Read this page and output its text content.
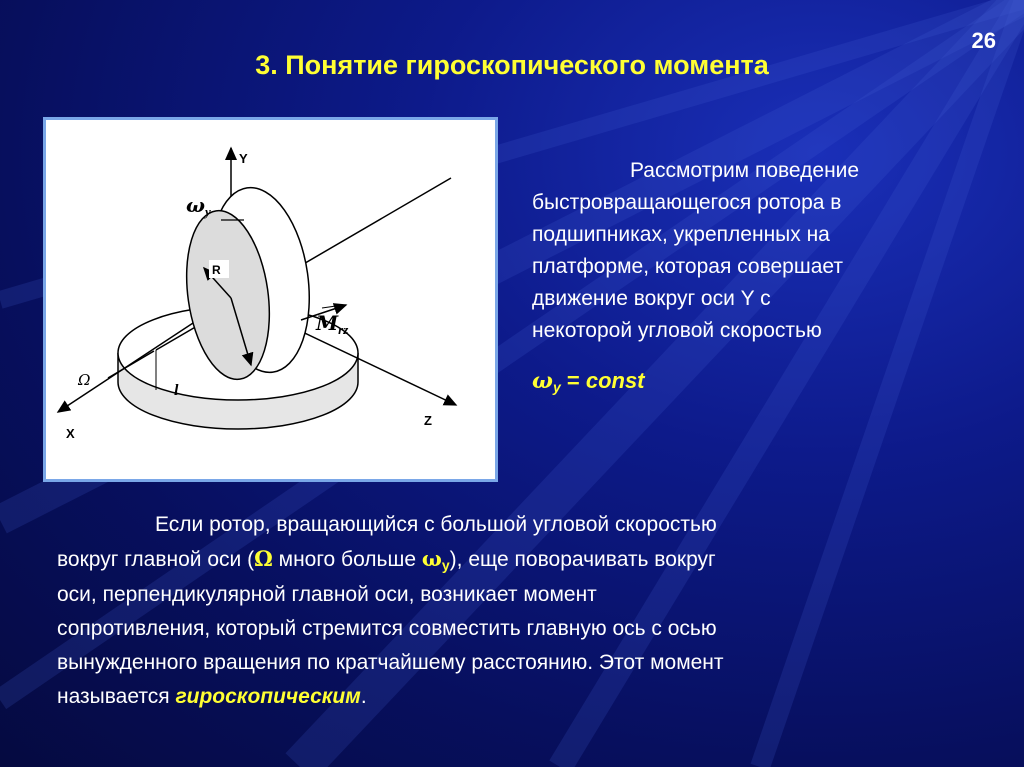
26
3. Понятие гироскопического момента
Y
X
Z
R
l
Ω
$\omega_y$
$M_{rz}$
Рассмотрим поведение
быстровращающегося ротора в
подшипниках, укрепленных на
платформе, которая совершает
движение вокруг оси Y с
некоторой угловой скоростью
ωy = const
Если ротор, вращающийся с большой угловой скоростью
вокруг главной оси (Ω много больше ωy), еще поворачивать вокруг
оси, перпендикулярной главной оси, возникает момент
сопротивления, который стремится совместить главную ось с осью
вынужденного вращения по кратчайшему расстоянию. Этот момент
называется гироскопическим.
